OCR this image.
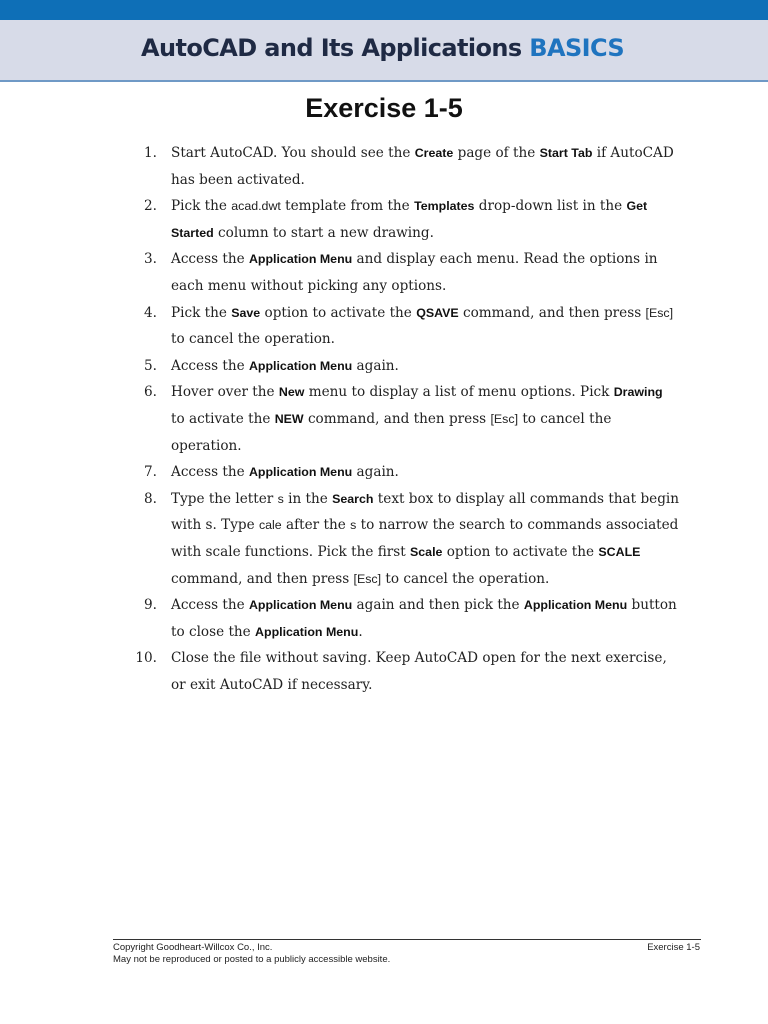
AutoCAD and Its Applications BASICS
Exercise 1-5
1. Start AutoCAD. You should see the Create page of the Start Tab if AutoCAD has been activated.
2. Pick the acad.dwt template from the Templates drop-down list in the Get Started column to start a new drawing.
3. Access the Application Menu and display each menu. Read the options in each menu without picking any options.
4. Pick the Save option to activate the QSAVE command, and then press [Esc] to cancel the operation.
5. Access the Application Menu again.
6. Hover over the New menu to display a list of menu options. Pick Drawing to activate the NEW command, and then press [Esc] to cancel the operation.
7. Access the Application Menu again.
8. Type the letter s in the Search text box to display all commands that begin with s. Type cale after the s to narrow the search to commands associated with scale functions. Pick the first Scale option to activate the SCALE command, and then press [Esc] to cancel the operation.
9. Access the Application Menu again and then pick the Application Menu button to close the Application Menu.
10. Close the file without saving. Keep AutoCAD open for the next exercise, or exit AutoCAD if necessary.
Copyright Goodheart-Willcox Co., Inc.
May not be reproduced or posted to a publicly accessible website.
Exercise 1-5
